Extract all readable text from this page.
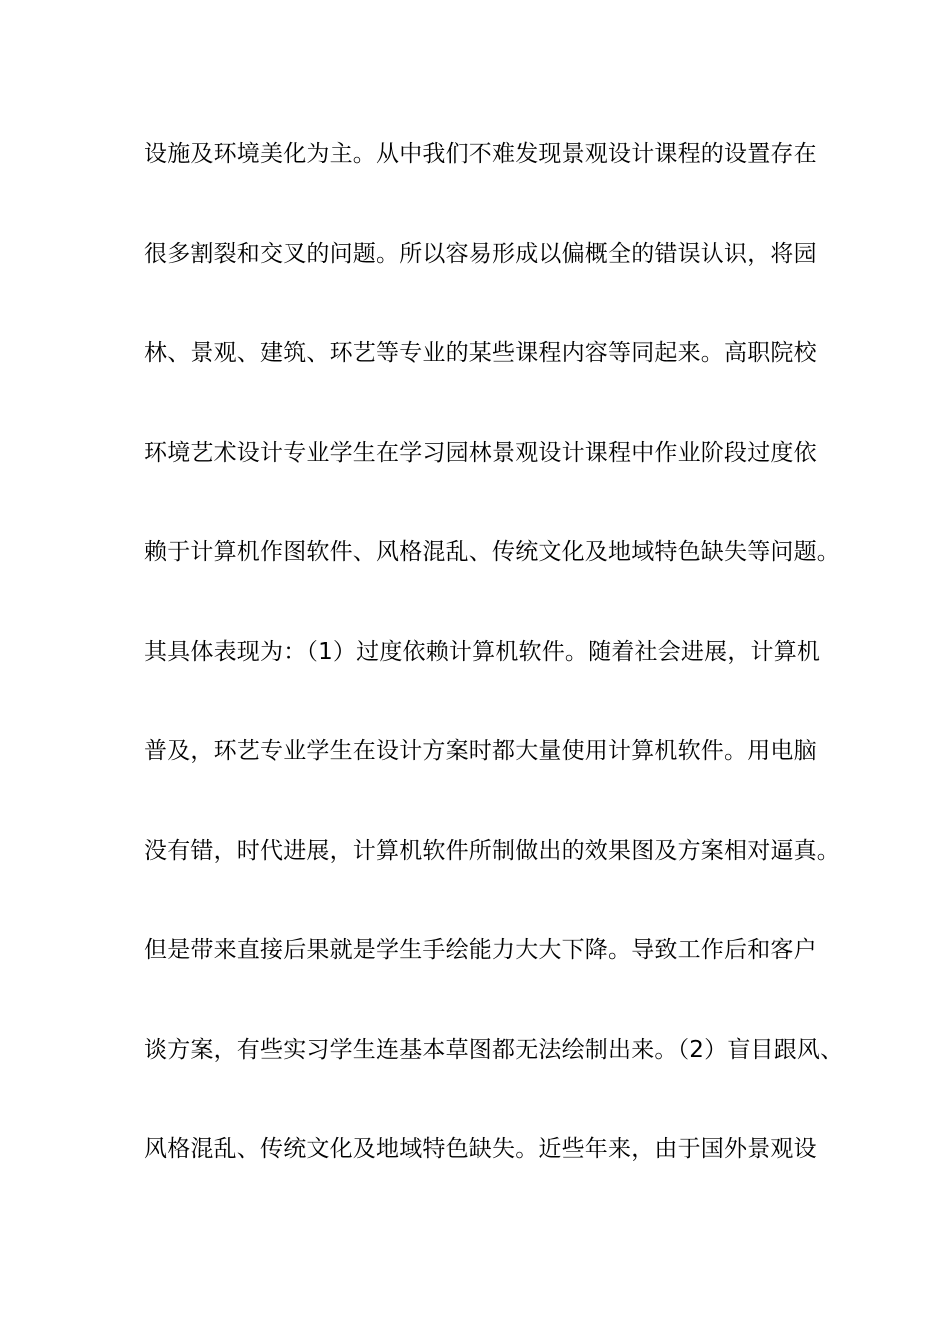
设施及环境美化为主。从中我们不难发现景观设计课程的设置存在
很多割裂和交叉的问题。所以容易形成以偏概全的错误认识，将园
林、景观、建筑、环艺等专业的某些课程内容等同起来。高职院校
环境艺术设计专业学生在学习园林景观设计课程中作业阶段过度依
赖于计算机作图软件、风格混乱、传统文化及地域特色缺失等问题。
其具体表现为：（1）过度依赖计算机软件。随着社会进展，计算机
普及，环艺专业学生在设计方案时都大量使用计算机软件。用电脑
没有错，时代进展，计算机软件所制做出的效果图及方案相对逼真。
但是带来直接后果就是学生手绘能力大大下降。导致工作后和客户
谈方案，有些实习学生连基本草图都无法绘制出来。（2）盲目跟风、
风格混乱、传统文化及地域特色缺失。近些年来，由于国外景观设
